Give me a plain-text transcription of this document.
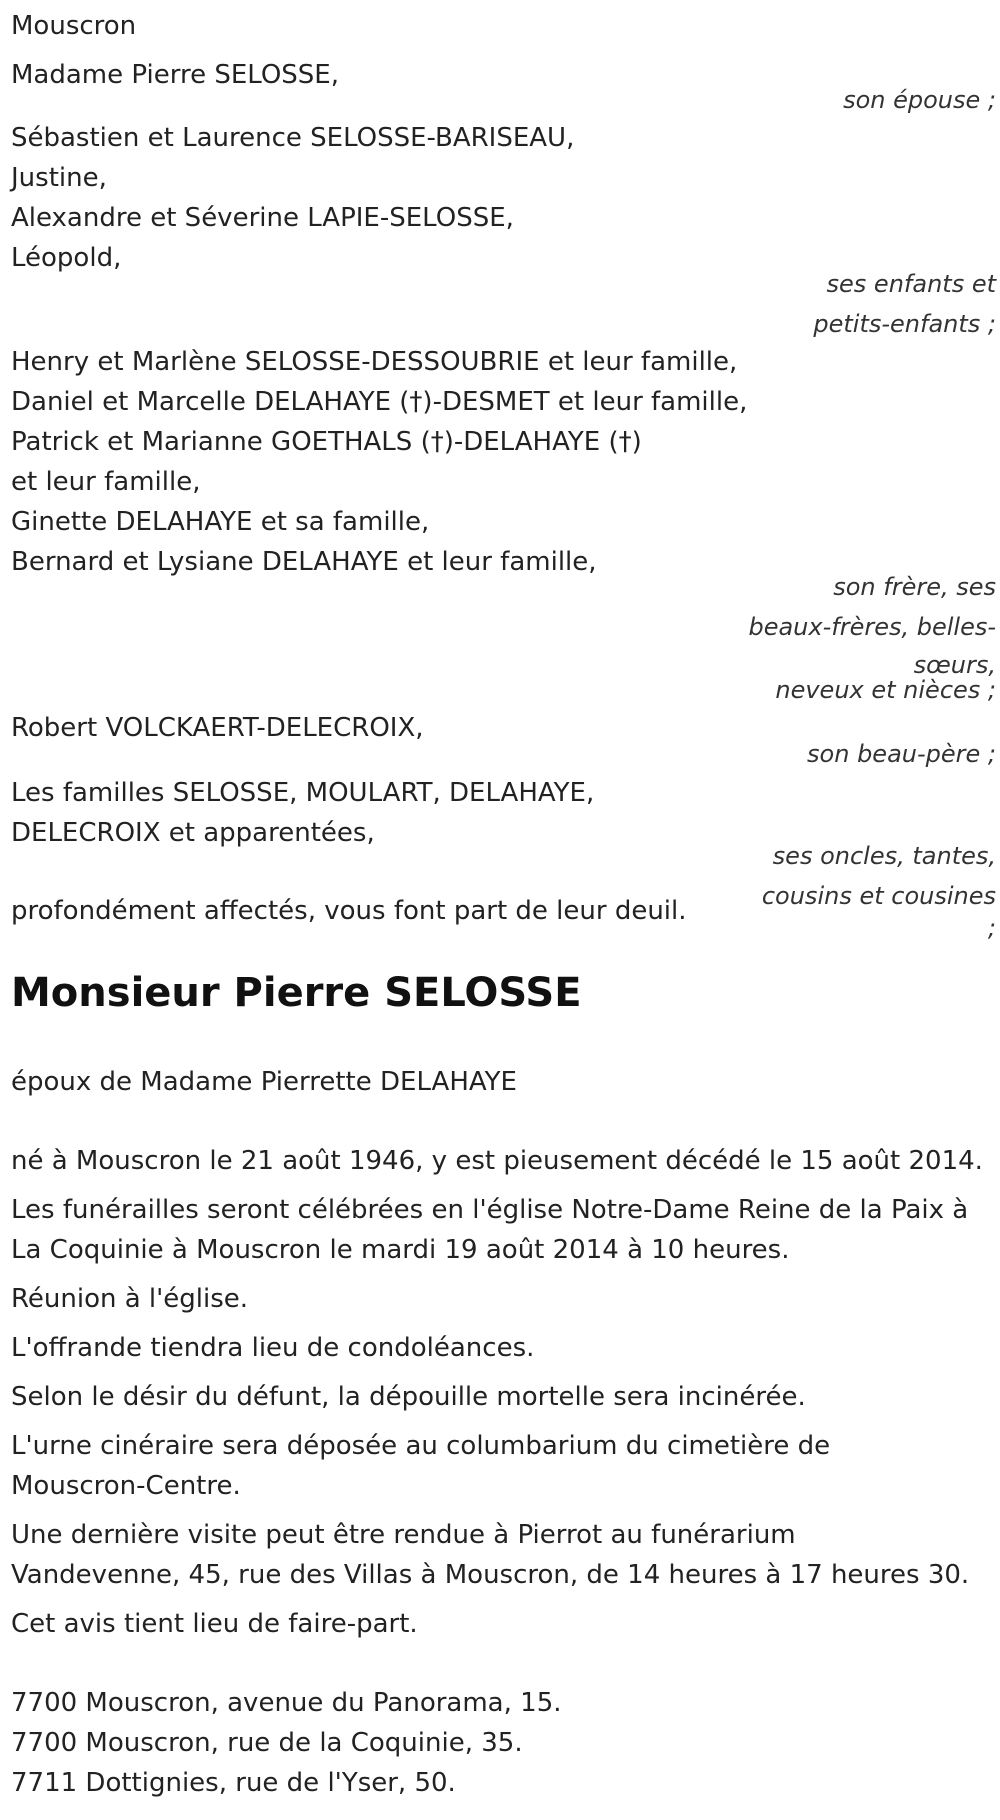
Mouscron
Madame Pierre SELOSSE,
son épouse ;
Sébastien et Laurence SELOSSE-BARISEAU,
Justine,
Alexandre et Séverine LAPIE-SELOSSE,
Léopold,
ses enfants et
petits-enfants ;
Henry et Marlène SELOSSE-DESSOUBRIE et leur famille,
Daniel et Marcelle DELAHAYE (†)-DESMET et leur famille,
Patrick et Marianne GOETHALS (†)-DELAHAYE (†)
et leur famille,
Ginette DELAHAYE et sa famille,
Bernard et Lysiane DELAHAYE et leur famille,
son frère, ses
beaux-frères, belles-
sœurs,
neveux et nièces ;
Robert VOLCKAERT-DELECROIX,
son beau-père ;
Les familles SELOSSE, MOULART, DELAHAYE,
DELECROIX et apparentées,
ses oncles, tantes,
cousins et cousines
;
profondément affectés, vous font part de leur deuil.
Monsieur Pierre SELOSSE
époux de Madame Pierrette DELAHAYE
né à Mouscron le 21 août 1946, y est pieusement décédé le 15 août 2014.
Les funérailles seront célébrées en l'église Notre-Dame Reine de la Paix à
La Coquinie à Mouscron le mardi 19 août 2014 à 10 heures.
Réunion à l'église.
L'offrande tiendra lieu de condoléances.
Selon le désir du défunt, la dépouille mortelle sera incinérée.
L'urne cinéraire sera déposée au columbarium du cimetière de
Mouscron-Centre.
Une dernière visite peut être rendue à Pierrot au funérarium
Vandevenne, 45, rue des Villas à Mouscron, de 14 heures à 17 heures 30.
Cet avis tient lieu de faire-part.
7700 Mouscron, avenue du Panorama, 15.
7700 Mouscron, rue de la Coquinie, 35.
7711 Dottignies, rue de l'Yser, 50.
